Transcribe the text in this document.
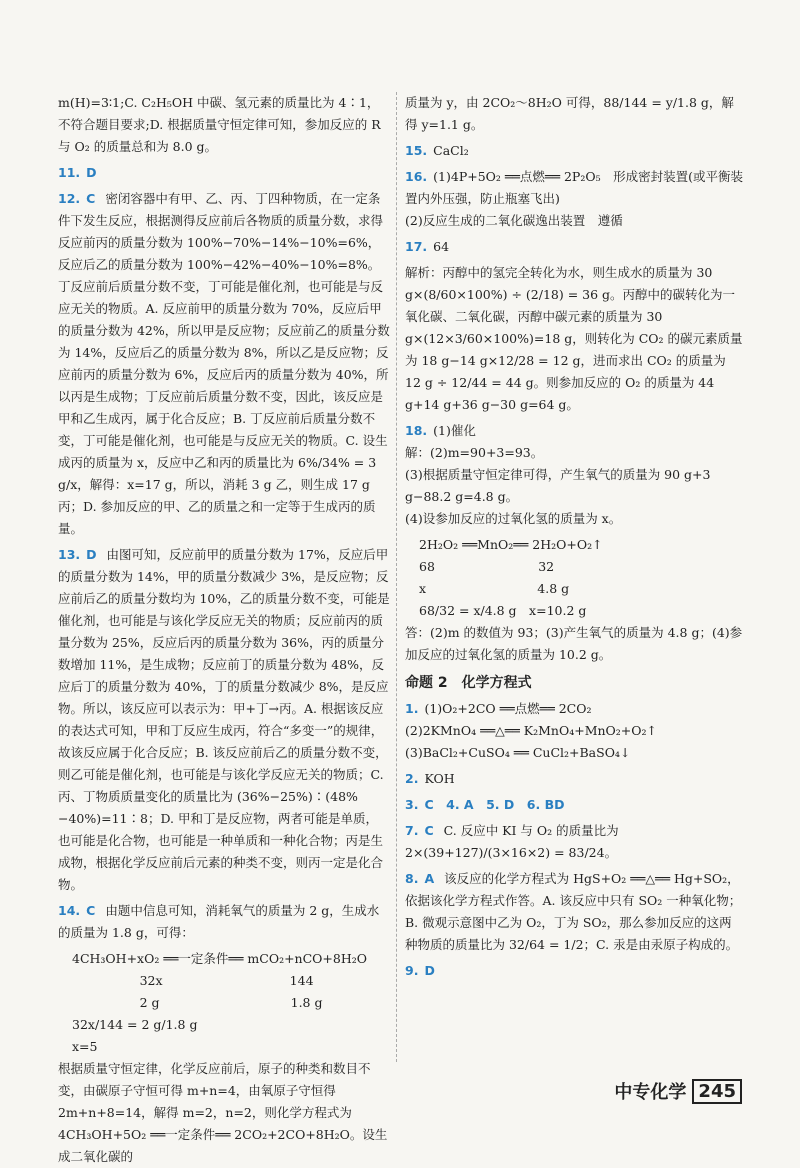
m(H)=3∶1;C. C₂H₅OH 中碳、氢元素的质量比为 4∶1，不符合题目要求;D. 根据质量守恒定律可知，参加反应的 R 与 O₂ 的质量总和为 8.0 g。
11. D
12. C 密闭容器中有甲、乙、丙、丁四种物质，在一定条件下发生反应，根据测得反应前后各物质的质量分数，求得反应前丙的质量分数为 100%−70%−14%−10%=6%，反应后乙的质量分数为 100%−42%−40%−10%=8%。丁反应前后质量分数不变，丁可能是催化剂，也可能是与反应无关的物质。A. 反应前甲的质量分数为 70%，反应后甲的质量分数为 42%，所以甲是反应物；反应前乙的质量分数为 14%，反应后乙的质量分数为 8%，所以乙是反应物；反应前丙的质量分数为 6%，反应后丙的质量分数为 40%，所以丙是生成物；丁反应前后质量分数不变，因此，该反应是甲和乙生成丙，属于化合反应；B. 丁反应前后质量分数不变，丁可能是催化剂，也可能是与反应无关的物质。C. 设生成丙的质量为 x，反应中乙和丙的质量比为 6%/34% = 3 g/x，解得：x=17 g，所以，消耗 3 g 乙，则生成 17 g 丙；D. 参加反应的甲、乙的质量之和一定等于生成丙的质量。
13. D 由图可知，反应前甲的质量分数为 17%，反应后甲的质量分数为 14%，甲的质量分数减少 3%，是反应物；反应前后乙的质量分数均为 10%，乙的质量分数不变，可能是催化剂，也可能是与该化学反应无关的物质；反应前丙的质量分数为 25%，反应后丙的质量分数为 36%，丙的质量分数增加 11%，是生成物；反应前丁的质量分数为 48%，反应后丁的质量分数为 40%，丁的质量分数减少 8%，是反应物。所以，该反应可以表示为：甲+丁→丙。A. 根据该反应的表达式可知，甲和丁反应生成丙，符合“多变一”的规律，故该反应属于化合反应；B. 该反应前后乙的质量分数不变，则乙可能是催化剂，也可能是与该化学反应无关的物质；C. 丙、丁物质质量变化的质量比为 (36%−25%)∶(48%−40%)=11∶8；D. 甲和丁是反应物，两者可能是单质，也可能是化合物，也可能是一种单质和一种化合物；丙是生成物，根据化学反应前后元素的种类不变，则丙一定是化合物。
14. C 由题中信息可知，消耗氧气的质量为 2 g，生成水的质量为 1.8 g，可得：
4CH₃OH+xO₂ ══一定条件══ mCO₂+nCO+8H₂O
32x                                144
2 g                                 1.8 g
32x/144 = 2 g/1.8 g
x=5
根据质量守恒定律，化学反应前后，原子的种类和数目不变，由碳原子守恒可得 m+n=4，由氧原子守恒得 2m+n+8=14，解得 m=2，n=2，则化学方程式为 4CH₃OH+5O₂ ══一定条件══ 2CO₂+2CO+8H₂O。设生成二氧化碳的
质量为 y，由 2CO₂～8H₂O 可得，88/144 = y/1.8 g，解得 y=1.1 g。
15. CaCl₂
16. (1)4P+5O₂ ══点燃══ 2P₂O₅　形成密封装置(或平衡装置内外压强，防止瓶塞飞出)
(2)反应生成的二氧化碳逸出装置　遵循
17. 64
解析：丙醇中的氢完全转化为水，则生成水的质量为 30 g×(8/60×100%) ÷ (2/18) = 36 g。丙醇中的碳转化为一氧化碳、二氧化碳，丙醇中碳元素的质量为 30 g×(12×3/60×100%)=18 g，则转化为 CO₂ 的碳元素质量为 18 g−14 g×12/28 = 12 g，进而求出 CO₂ 的质量为 12 g ÷ 12/44 = 44 g。则参加反应的 O₂ 的质量为 44 g+14 g+36 g−30 g=64 g。
18. (1)催化
解：(2)m=90+3=93。
(3)根据质量守恒定律可得，产生氧气的质量为 90 g+3 g−88.2 g=4.8 g。
(4)设参加反应的过氧化氢的质量为 x。
2H₂O₂ ══MnO₂══ 2H₂O+O₂↑
68                          32
x                            4.8 g
68/32 = x/4.8 g　x=10.2 g
答：(2)m 的数值为 93；(3)产生氧气的质量为 4.8 g；(4)参加反应的过氧化氢的质量为 10.2 g。
命题 2　化学方程式
1. (1)O₂+2CO ══点燃══ 2CO₂
(2)2KMnO₄ ══△══ K₂MnO₄+MnO₂+O₂↑
(3)BaCl₂+CuSO₄ ══ CuCl₂+BaSO₄↓
2. KOH
3. C　4. A　5. D　6. BD
7. C C. 反应中 KI 与 O₂ 的质量比为 2×(39+127)/(3×16×2) = 83/24。
8. A 该反应的化学方程式为 HgS+O₂ ══△══ Hg+SO₂，依据该化学方程式作答。A. 该反应中只有 SO₂ 一种氧化物；B. 微观示意图中乙为 O₂，丁为 SO₂，那么参加反应的这两种物质的质量比为 32/64 = 1/2；C. 汞是由汞原子构成的。
9. D
中专化学 245
